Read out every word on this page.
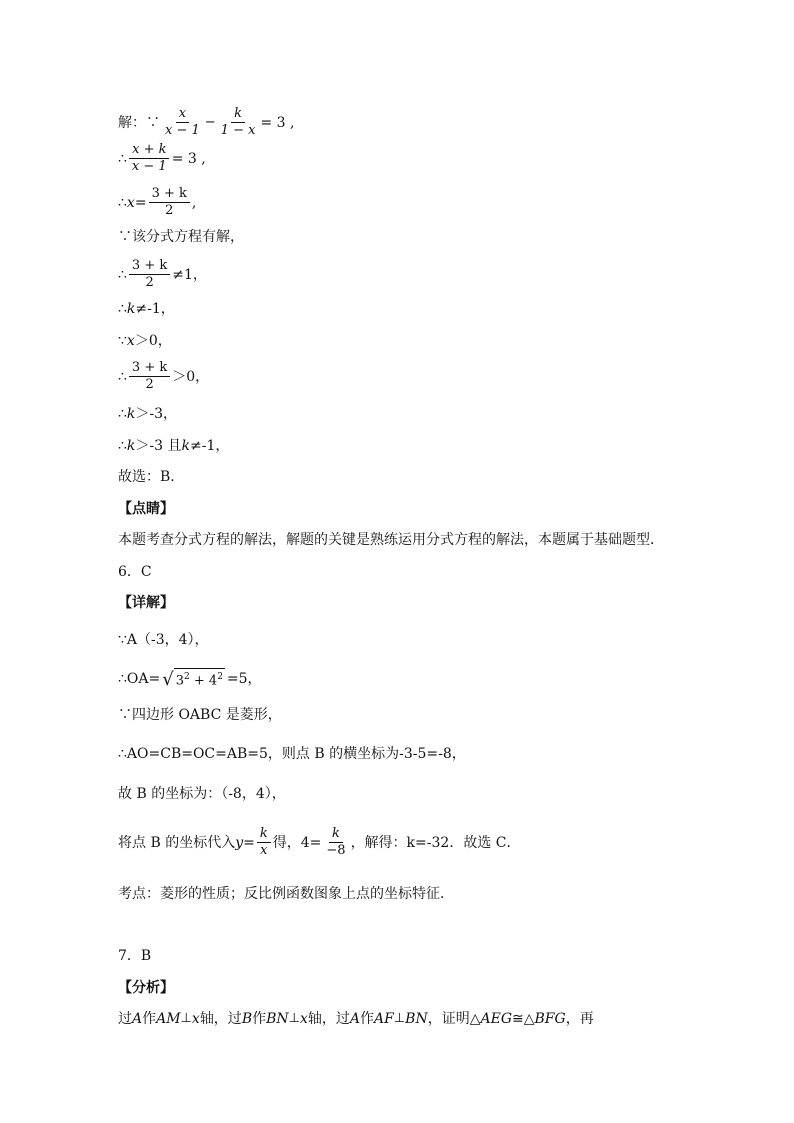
解：∵ $\frac{x}{x - 1} - \frac{k}{1 - x} = 3$ ,
∴ $\frac{x + k}{x - 1} = 3$ ,
∴ $x = \frac{3 + k}{2}$ ,
∵该分式方程有解，
∴ $\frac{3 + k}{2} \ne 1$，
∴ k ≠-1，
∵ x ＞0，
∴ $\frac{3 + k}{2} >0$，
∴ k ＞-3，
∴ k ＞-3 且 k ≠-1，
故选：B．
【点睛】
本题考查分式方程的解法，解题的关键是熟练运用分式方程的解法，本题属于基础题型．
6．C
【详解】
∵A（-3，4），
∴OA= √ $3^2 + 4^2 =5$，
∵四边形 OABC 是菱形，
∴AO=CB=OC=AB=5，则点 B 的横坐标为-3-5=-8，
故 B 的坐标为：（-8，4），
将点 B 的坐标代入 $y = \frac{k}{x}$ 得，$4= \frac{k}{-8}$ ，解得：k=-32．故选 C．
考点：菱形的性质；反比例函数图象上点的坐标特征．
7．B
【分析】
过 A 作 AM ⊥ x 轴，过 B 作 BN ⊥ x 轴，过 A 作 AF ⊥ BN ，证明△ AEG ≅△ BFG ，再
